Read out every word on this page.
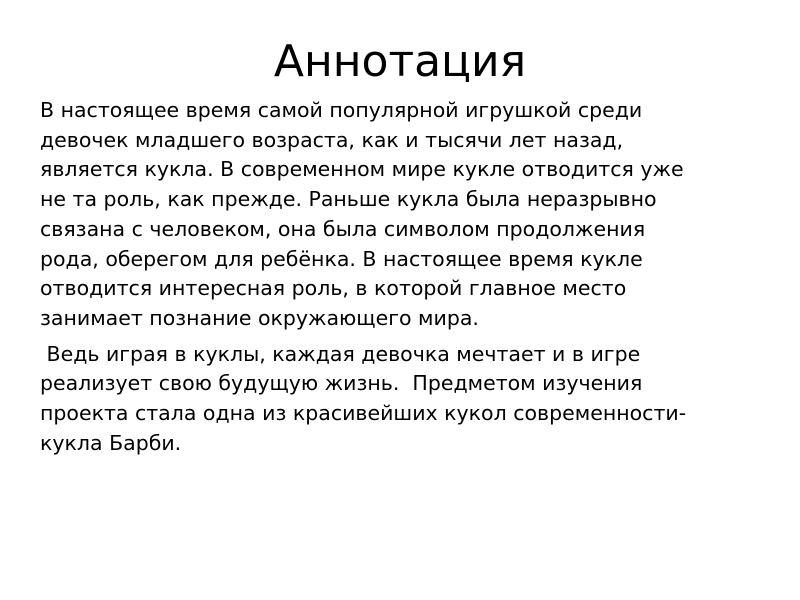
Аннотация

В настоящее время самой популярной игрушкой среди
девочек младшего возраста, как и тысячи лет назад,
является кукла. В современном мире кукле отводится уже
не та роль, как прежде. Раньше кукла была неразрывно
связана с человеком, она была символом продолжения
рода, оберегом для ребёнка. В настоящее время кукле
отводится интересная роль, в которой главное место
занимает познание окружающего мира.

Ведь играя в куклы, каждая девочка мечтает и в игре
реализует свою будущую жизнь.  Предметом изучения
проекта стала одна из красивейших кукол современности-
кукла Барби.
